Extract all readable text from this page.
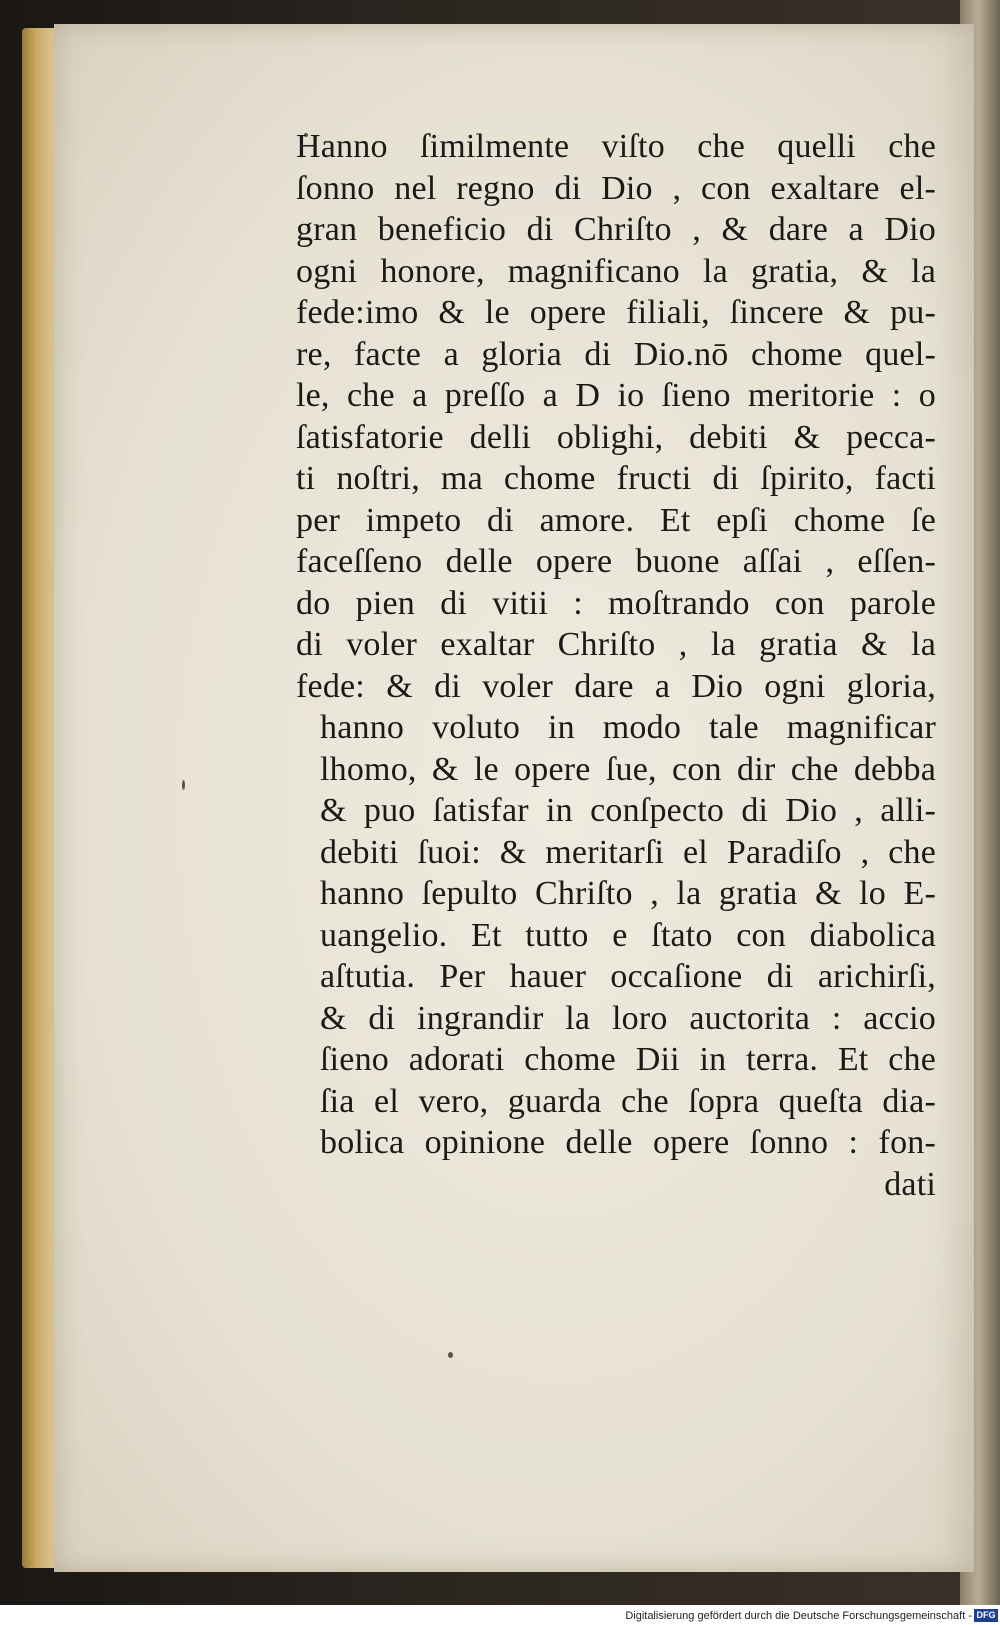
Hanno ſimilmente viſto che quelli che
ſonno nel regno di Dio , con exaltare el-
gran beneficio di Chriſto , & dare a Dio
ogni honore, magnificano la gratia, & la
fede:imo & le opere filiali, ſincere & pu-
re, facte a gloria di Dio.nō chome quel-
le, che a preſſo a D io ſieno meritorie : o
ſatisfatorie delli oblighi, debiti & pecca-
ti noſtri, ma chome fructi di ſpirito, facti
per impeto di amore. Et epſi chome ſe
faceſſeno delle opere buone aſſai , eſſen-
do pien di vitii : moſtrando con parole
di voler exaltar Chriſto , la gratia & la
fede: & di voler dare a Dio ogni gloria,
hanno voluto in modo tale magnificar
lhomo, & le opere ſue, con dir che debba
& puo ſatisfar in conſpecto di Dio , alli-
debiti ſuoi: & meritarſi el Paradiſo , che
hanno ſepulto Chriſto , la gratia & lo E-
uangelio. Et tutto e ſtato con diabolica
aſtutia. Per hauer occaſione di arichirſi,
& di ingrandir la loro auctorita : accio
ſieno adorati chome Dii in terra. Et che
ſia el vero, guarda che ſopra queſta dia-
bolica opinione delle opere ſonno : fon-
dati
Digitalisierung gefördert durch die Deutsche Forschungsgemeinschaft - DFG
